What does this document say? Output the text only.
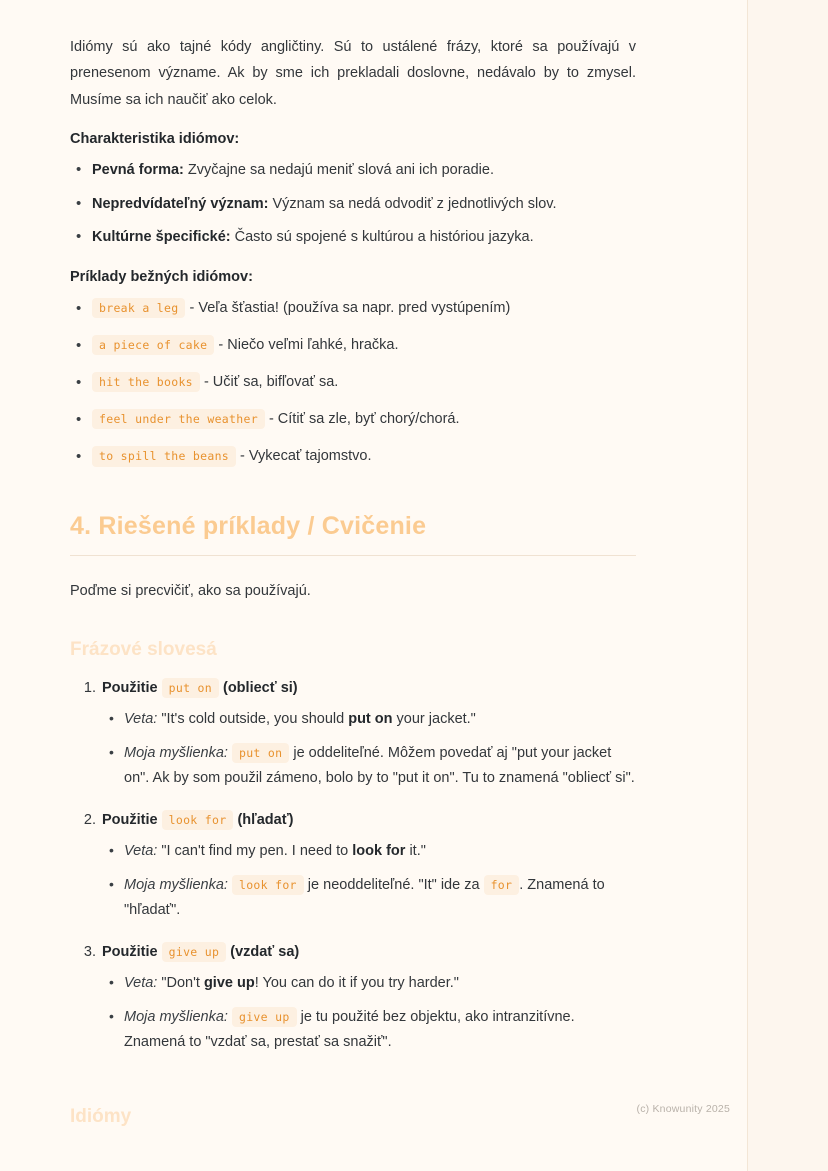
Idiómy sú ako tajné kódy angličtiny. Sú to ustálené frázy, ktoré sa používajú v prenesenom význame. Ak by sme ich prekladali doslovne, nedávalo by to zmysel. Musíme sa ich naučiť ako celok.

Charakteristika idiómov:
• Pevná forma: Zvyčajne sa nedajú meniť slová ani ich poradie.
• Nepredvídateľný význam: Význam sa nedá odvodiť z jednotlivých slov.
• Kultúrne špecifické: Často sú spojené s kultúrou a históriou jazyka.
Príklady bežných idiómov:
• break a leg - Veľa šťastia! (používa sa napr. pred vystúpením)
• a piece of cake - Niečo veľmi ľahké, hračka.
• hit the books - Učiť sa, bifľovať sa.
• feel under the weather - Cítiť sa zle, byť chorý/chorá.
• to spill the beans - Vykecať tajomstvo.
4. Riešené príklady / Cvičenie

Poďme si precvičiť, ako sa používajú.

Frázové slovesá
1. Použitie put on (obliecť si)
• Veta: "It's cold outside, you should put on your jacket."
• Moja myšlienka: put on je oddeliteľné. Môžem povedať aj "put your jacket on". Ak by som použil zámeno, bolo by to "put it on". Tu to znamená "obliecť si".
2. Použitie look for (hľadať)
• Veta: "I can't find my pen. I need to look for it."
• Moja myšlienka: look for je neoddeliteľné. "It" ide za for . Znamená to "hľadať".
3. Použitie give up (vzdať sa)
• Veta: "Don't give up! You can do it if you try harder."
• Moja myšlienka: give up je tu použité bez objektu, ako intranzitívne. Znamená to "vzdať sa, prestať sa snažiť".
Idiómy	(c) Knowunity 2025
